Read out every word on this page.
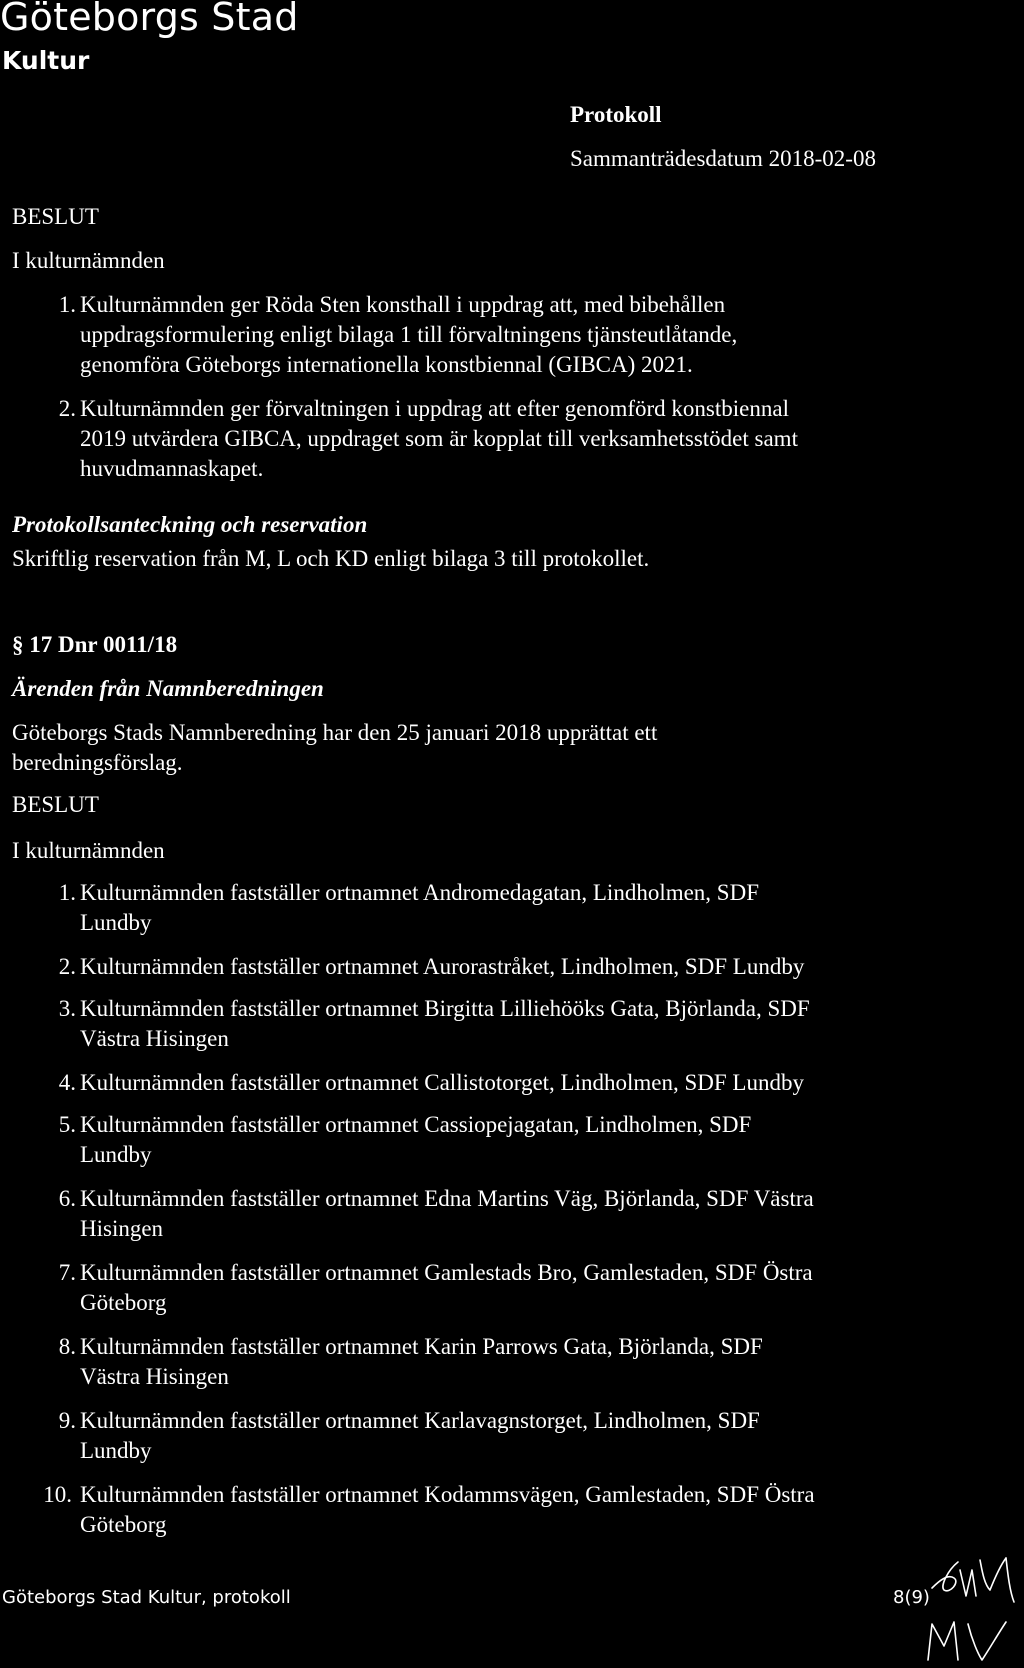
Göteborgs Stad
Kultur
Protokoll
Sammanträdesdatum 2018-02-08
BESLUT
I kulturnämnden
1. Kulturnämnden ger Röda Sten konsthall i uppdrag att, med bibehållen
uppdragsformulering enligt bilaga 1 till förvaltningens tjänsteutlåtande,
genomföra Göteborgs internationella konstbiennal (GIBCA) 2021.
2. Kulturnämnden ger förvaltningen i uppdrag att efter genomförd konstbiennal
2019 utvärdera GIBCA, uppdraget som är kopplat till verksamhetsstödet samt
huvudmannaskapet.
Protokollsanteckning och reservation
Skriftlig reservation från M, L och KD enligt bilaga 3 till protokollet.
§ 17 Dnr 0011/18
Ärenden från Namnberedningen
Göteborgs Stads Namnberedning har den 25 januari 2018 upprättat ett
beredningsförslag.
BESLUT
I kulturnämnden
1. Kulturnämnden fastställer ortnamnet Andromedagatan, Lindholmen, SDF
Lundby
2. Kulturnämnden fastställer ortnamnet Aurorastråket, Lindholmen, SDF Lundby
3. Kulturnämnden fastställer ortnamnet Birgitta Lilliehööks Gata, Björlanda, SDF
Västra Hisingen
4. Kulturnämnden fastställer ortnamnet Callistotorget, Lindholmen, SDF Lundby
5. Kulturnämnden fastställer ortnamnet Cassiopejagatan, Lindholmen, SDF
Lundby
6. Kulturnämnden fastställer ortnamnet Edna Martins Väg, Björlanda, SDF Västra
Hisingen
7. Kulturnämnden fastställer ortnamnet Gamlestads Bro, Gamlestaden, SDF Östra
Göteborg
8. Kulturnämnden fastställer ortnamnet Karin Parrows Gata, Björlanda, SDF
Västra Hisingen
9. Kulturnämnden fastställer ortnamnet Karlavagnstorget, Lindholmen, SDF
Lundby
10. Kulturnämnden fastställer ortnamnet Kodammsvägen, Gamlestaden, SDF Östra
Göteborg
Göteborgs Stad Kultur, protokoll	8(9)
